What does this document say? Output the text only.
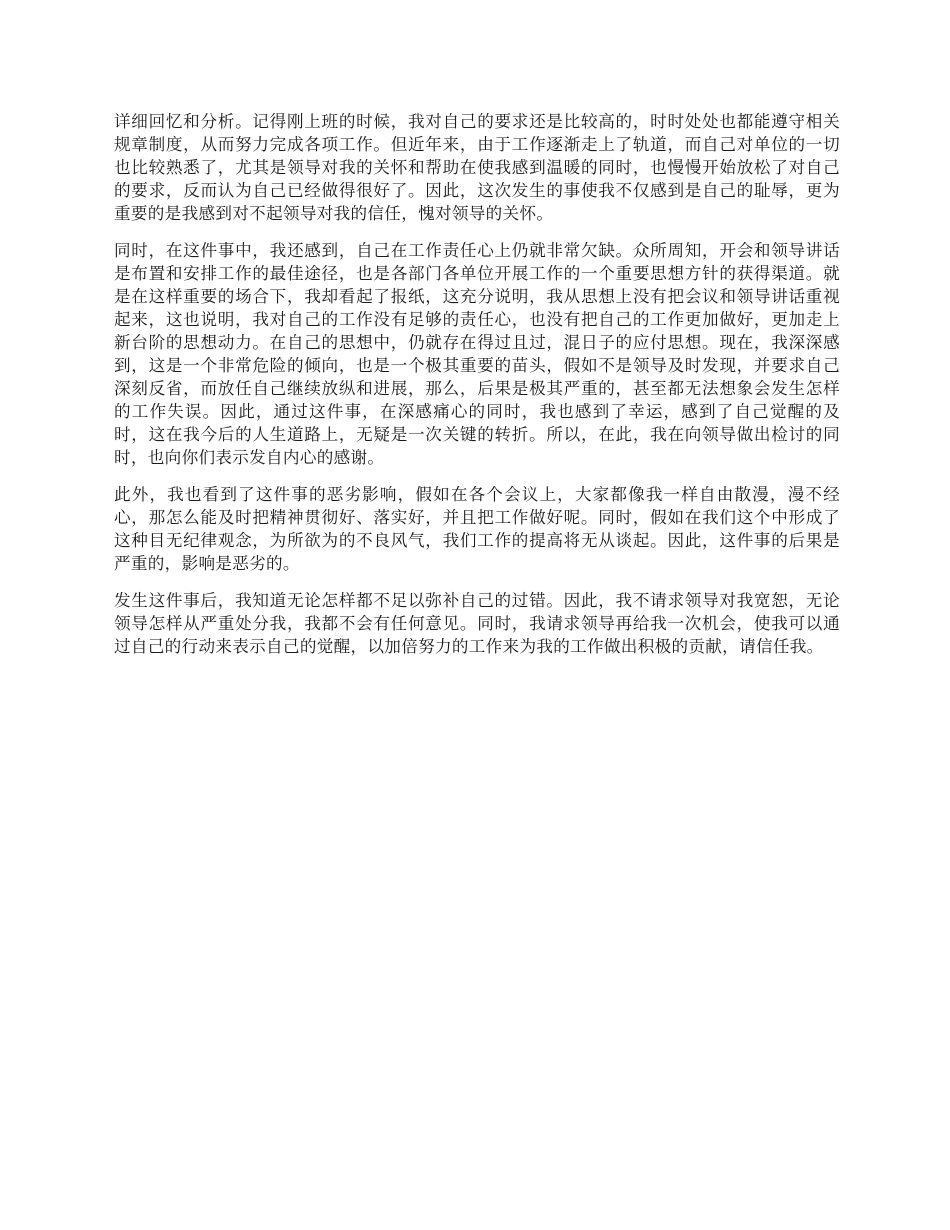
详细回忆和分析。记得刚上班的时候，我对自己的要求还是比较高的，时时处处也都能遵守相关规章制度，从而努力完成各项工作。但近年来，由于工作逐渐走上了轨道，而自己对单位的一切也比较熟悉了，尤其是领导对我的关怀和帮助在使我感到温暖的同时，也慢慢开始放松了对自己的要求，反而认为自己已经做得很好了。因此，这次发生的事使我不仅感到是自己的耻辱，更为重要的是我感到对不起领导对我的信任，愧对领导的关怀。

同时，在这件事中，我还感到，自己在工作责任心上仍就非常欠缺。众所周知，开会和领导讲话是布置和安排工作的最佳途径，也是各部门各单位开展工作的一个重要思想方针的获得渠道。就是在这样重要的场合下，我却看起了报纸，这充分说明，我从思想上没有把会议和领导讲话重视起来，这也说明，我对自己的工作没有足够的责任心，也没有把自己的工作更加做好，更加走上新台阶的思想动力。在自己的思想中，仍就存在得过且过，混日子的应付思想。现在，我深深感到，这是一个非常危险的倾向，也是一个极其重要的苗头，假如不是领导及时发现，并要求自己深刻反省，而放任自己继续放纵和进展，那么，后果是极其严重的，甚至都无法想象会发生怎样的工作失误。因此，通过这件事，在深感痛心的同时，我也感到了幸运，感到了自己觉醒的及时，这在我今后的人生道路上，无疑是一次关键的转折。所以，在此，我在向领导做出检讨的同时，也向你们表示发自内心的感谢。

此外，我也看到了这件事的恶劣影响，假如在各个会议上，大家都像我一样自由散漫，漫不经心，那怎么能及时把精神贯彻好、落实好，并且把工作做好呢。同时，假如在我们这个中形成了这种目无纪律观念，为所欲为的不良风气，我们工作的提高将无从谈起。因此，这件事的后果是严重的，影响是恶劣的。

发生这件事后，我知道无论怎样都不足以弥补自己的过错。因此，我不请求领导对我宽恕，无论领导怎样从严重处分我，我都不会有任何意见。同时，我请求领导再给我一次机会，使我可以通过自己的行动来表示自己的觉醒，以加倍努力的工作来为我的工作做出积极的贡献，请信任我。
